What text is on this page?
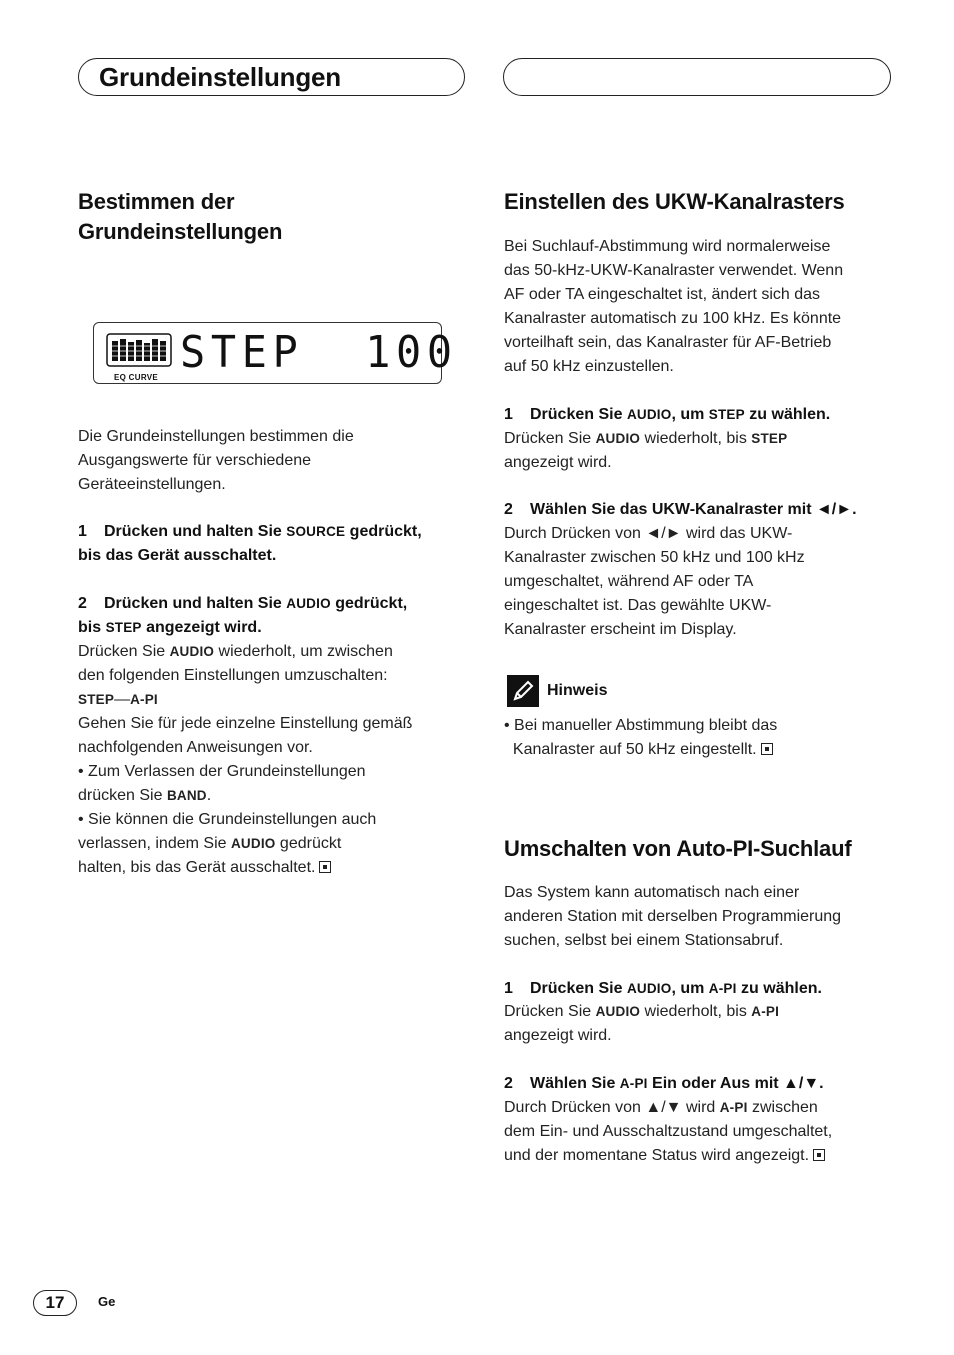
Grundeinstellungen
Bestimmen der
Grundeinstellungen
EQ CURVE STEP  100

Die Grundeinstellungen bestimmen die
Ausgangswerte für verschiedene
Geräteeinstellungen.

1 Drücken und halten Sie SOURCE gedrückt,
bis das Gerät ausschaltet.

2 Drücken und halten Sie AUDIO gedrückt,
bis STEP angezeigt wird.

Drücken Sie AUDIO wiederholt, um zwischen
den folgenden Einstellungen umzuschalten:
STEP—A-PI
Gehen Sie für jede einzelne Einstellung gemäß
nachfolgenden Anweisungen vor.
• Zum Verlassen der Grundeinstellungen
drücken Sie BAND.
• Sie können die Grundeinstellungen auch
verlassen, indem Sie AUDIO gedrückt
halten, bis das Gerät ausschaltet.

Einstellen des UKW-Kanalrasters

Bei Suchlauf-Abstimmung wird normalerweise
das 50-kHz-UKW-Kanalraster verwendet. Wenn
AF oder TA eingeschaltet ist, ändert sich das
Kanalraster automatisch zu 100 kHz. Es könnte
vorteilhaft sein, das Kanalraster für AF-Betrieb
auf 50 kHz einzustellen.

1 Drücken Sie AUDIO, um STEP zu wählen.

Drücken Sie AUDIO wiederholt, bis STEP
angezeigt wird.

2 Wählen Sie das UKW-Kanalraster mit ◄/►.

Durch Drücken von ◄/► wird das UKW-
Kanalraster zwischen 50 kHz und 100 kHz
umgeschaltet, während AF oder TA
eingeschaltet ist. Das gewählte UKW-
Kanalraster erscheint im Display.

Hinweis

• Bei manueller Abstimmung bleibt das
Kanalraster auf 50 kHz eingestellt.

Umschalten von Auto-PI-Suchlauf

Das System kann automatisch nach einer
anderen Station mit derselben Programmierung
suchen, selbst bei einem Stationsabruf.

1 Drücken Sie AUDIO, um A-PI zu wählen.

Drücken Sie AUDIO wiederholt, bis A-PI
angezeigt wird.

2 Wählen Sie A-PI Ein oder Aus mit ▲/▼.

Durch Drücken von ▲/▼ wird A-PI zwischen
dem Ein- und Ausschaltzustand umgeschaltet,
und der momentane Status wird angezeigt.

17	Ge
